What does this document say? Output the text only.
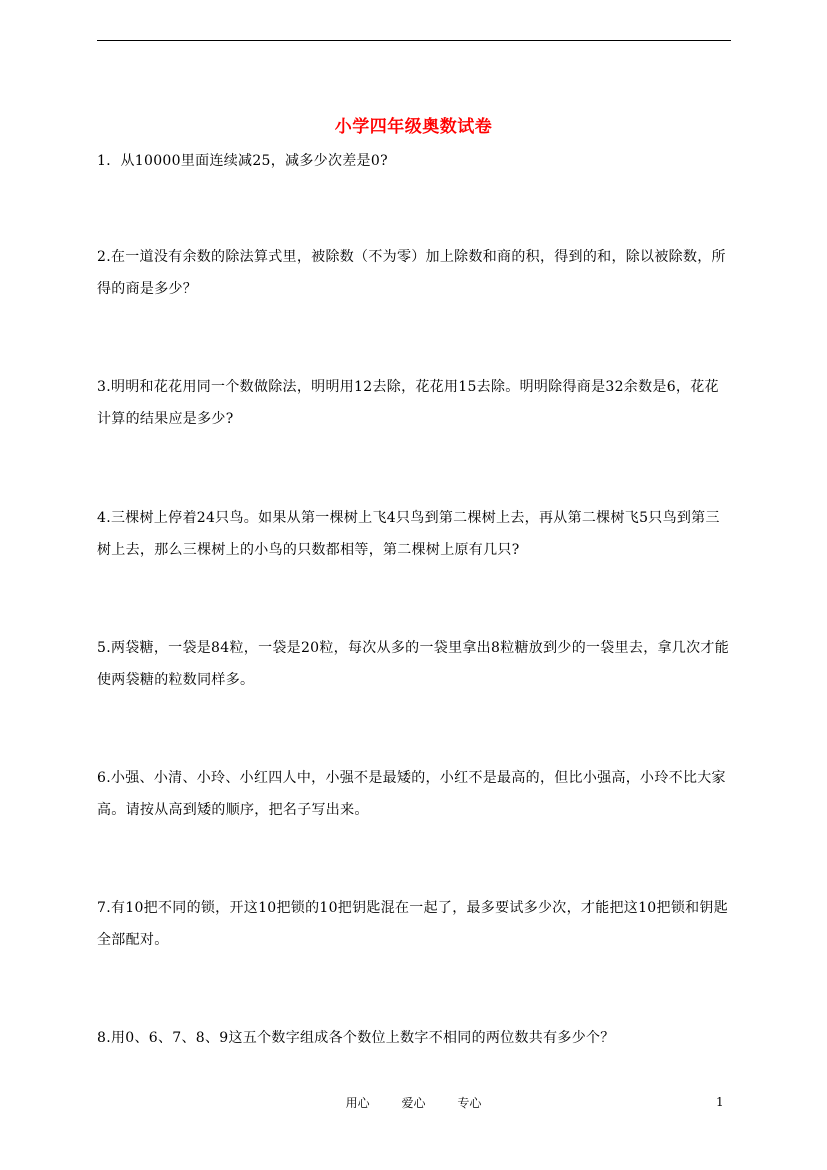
小学四年级奥数试卷
1．从10000里面连续减25，减多少次差是0?
2.在一道没有余数的除法算式里，被除数（不为零）加上除数和商的积，得到的和，除以被除数，所得的商是多少？
3.明明和花花用同一个数做除法，明明用12去除，花花用15去除。明明除得商是32余数是6，花花计算的结果应是多少?
4.三棵树上停着24只鸟。如果从第一棵树上飞4只鸟到第二棵树上去，再从第二棵树飞5只鸟到第三树上去，那么三棵树上的小鸟的只数都相等，第二棵树上原有几只?
5.两袋糖，一袋是84粒，一袋是20粒，每次从多的一袋里拿出8粒糖放到少的一袋里去，拿几次才能使两袋糖的粒数同样多。
6.小强、小清、小玲、小红四人中，小强不是最矮的，小红不是最高的，但比小强高，小玲不比大家高。请按从高到矮的顺序，把名子写出来。
7.有10把不同的锁，开这10把锁的10把钥匙混在一起了，最多要试多少次，才能把这10把锁和钥匙全部配对。
8.用0、6、7、8、9这五个数字组成各个数位上数字不相同的两位数共有多少个？
用心	爱心	专心	1
